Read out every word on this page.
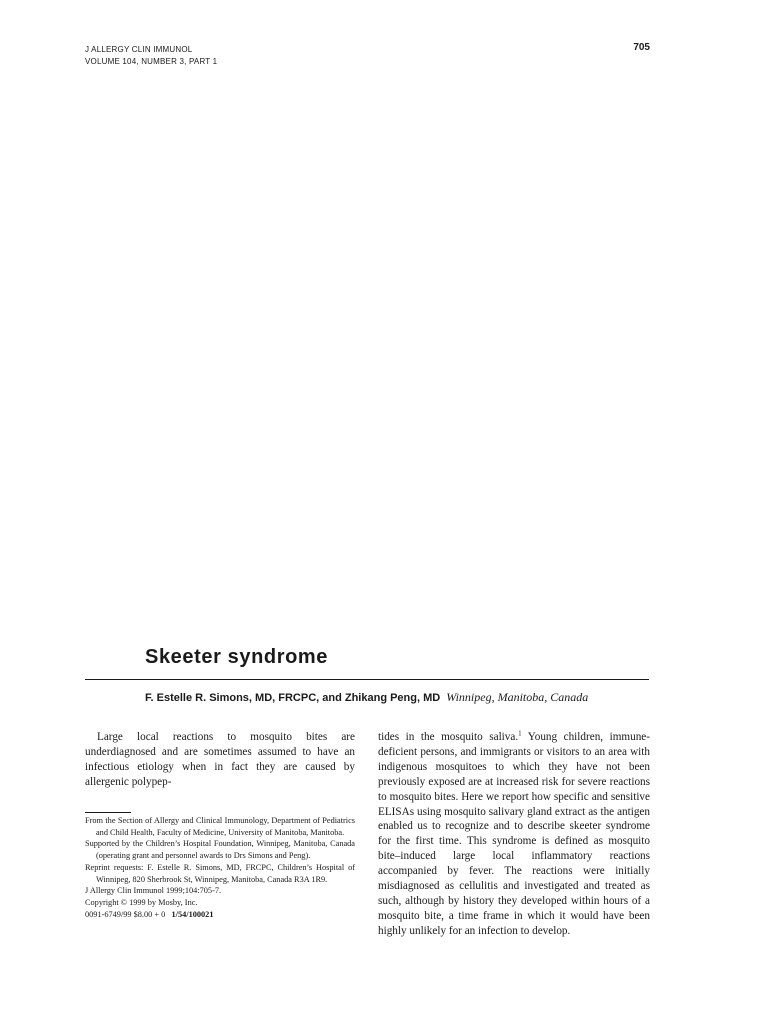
J ALLERGY CLIN IMMUNOL
VOLUME 104, NUMBER 3, PART 1
705
Skeeter syndrome
F. Estelle R. Simons, MD, FRCPC, and Zhikang Peng, MD Winnipeg, Manitoba, Canada
Large local reactions to mosquito bites are underdiagnosed and are sometimes assumed to have an infectious etiology when in fact they are caused by allergenic polypep-
tides in the mosquito saliva.$^1$ Young children, immune-deficient persons, and immigrants or visitors to an area with indigenous mosquitoes to which they have not been previously exposed are at increased risk for severe reactions to mosquito bites. Here we report how specific and sensitive ELISAs using mosquito salivary gland extract as the antigen enabled us to recognize and to describe skeeter syndrome for the first time. This syndrome is defined as mosquito bite–induced large local inflammatory reactions accompanied by fever. The reactions were initially misdiagnosed as cellulitis and investigated and treated as such, although by history they developed within hours of a mosquito bite, a time frame in which it would have been highly unlikely for an infection to develop.
From the Section of Allergy and Clinical Immunology, Department of Pediatrics and Child Health, Faculty of Medicine, University of Manitoba, Manitoba.
Supported by the Children’s Hospital Foundation, Winnipeg, Manitoba, Canada (operating grant and personnel awards to Drs Simons and Peng).
Reprint requests: F. Estelle R. Simons, MD, FRCPC, Children’s Hospital of Winnipeg, 820 Sherbrook St, Winnipeg, Manitoba, Canada R3A 1R9.
J Allergy Clin Immunol 1999;104:705-7.
Copyright © 1999 by Mosby, Inc.
0091-6749/99 $8.00 + 0 1/54/100021
